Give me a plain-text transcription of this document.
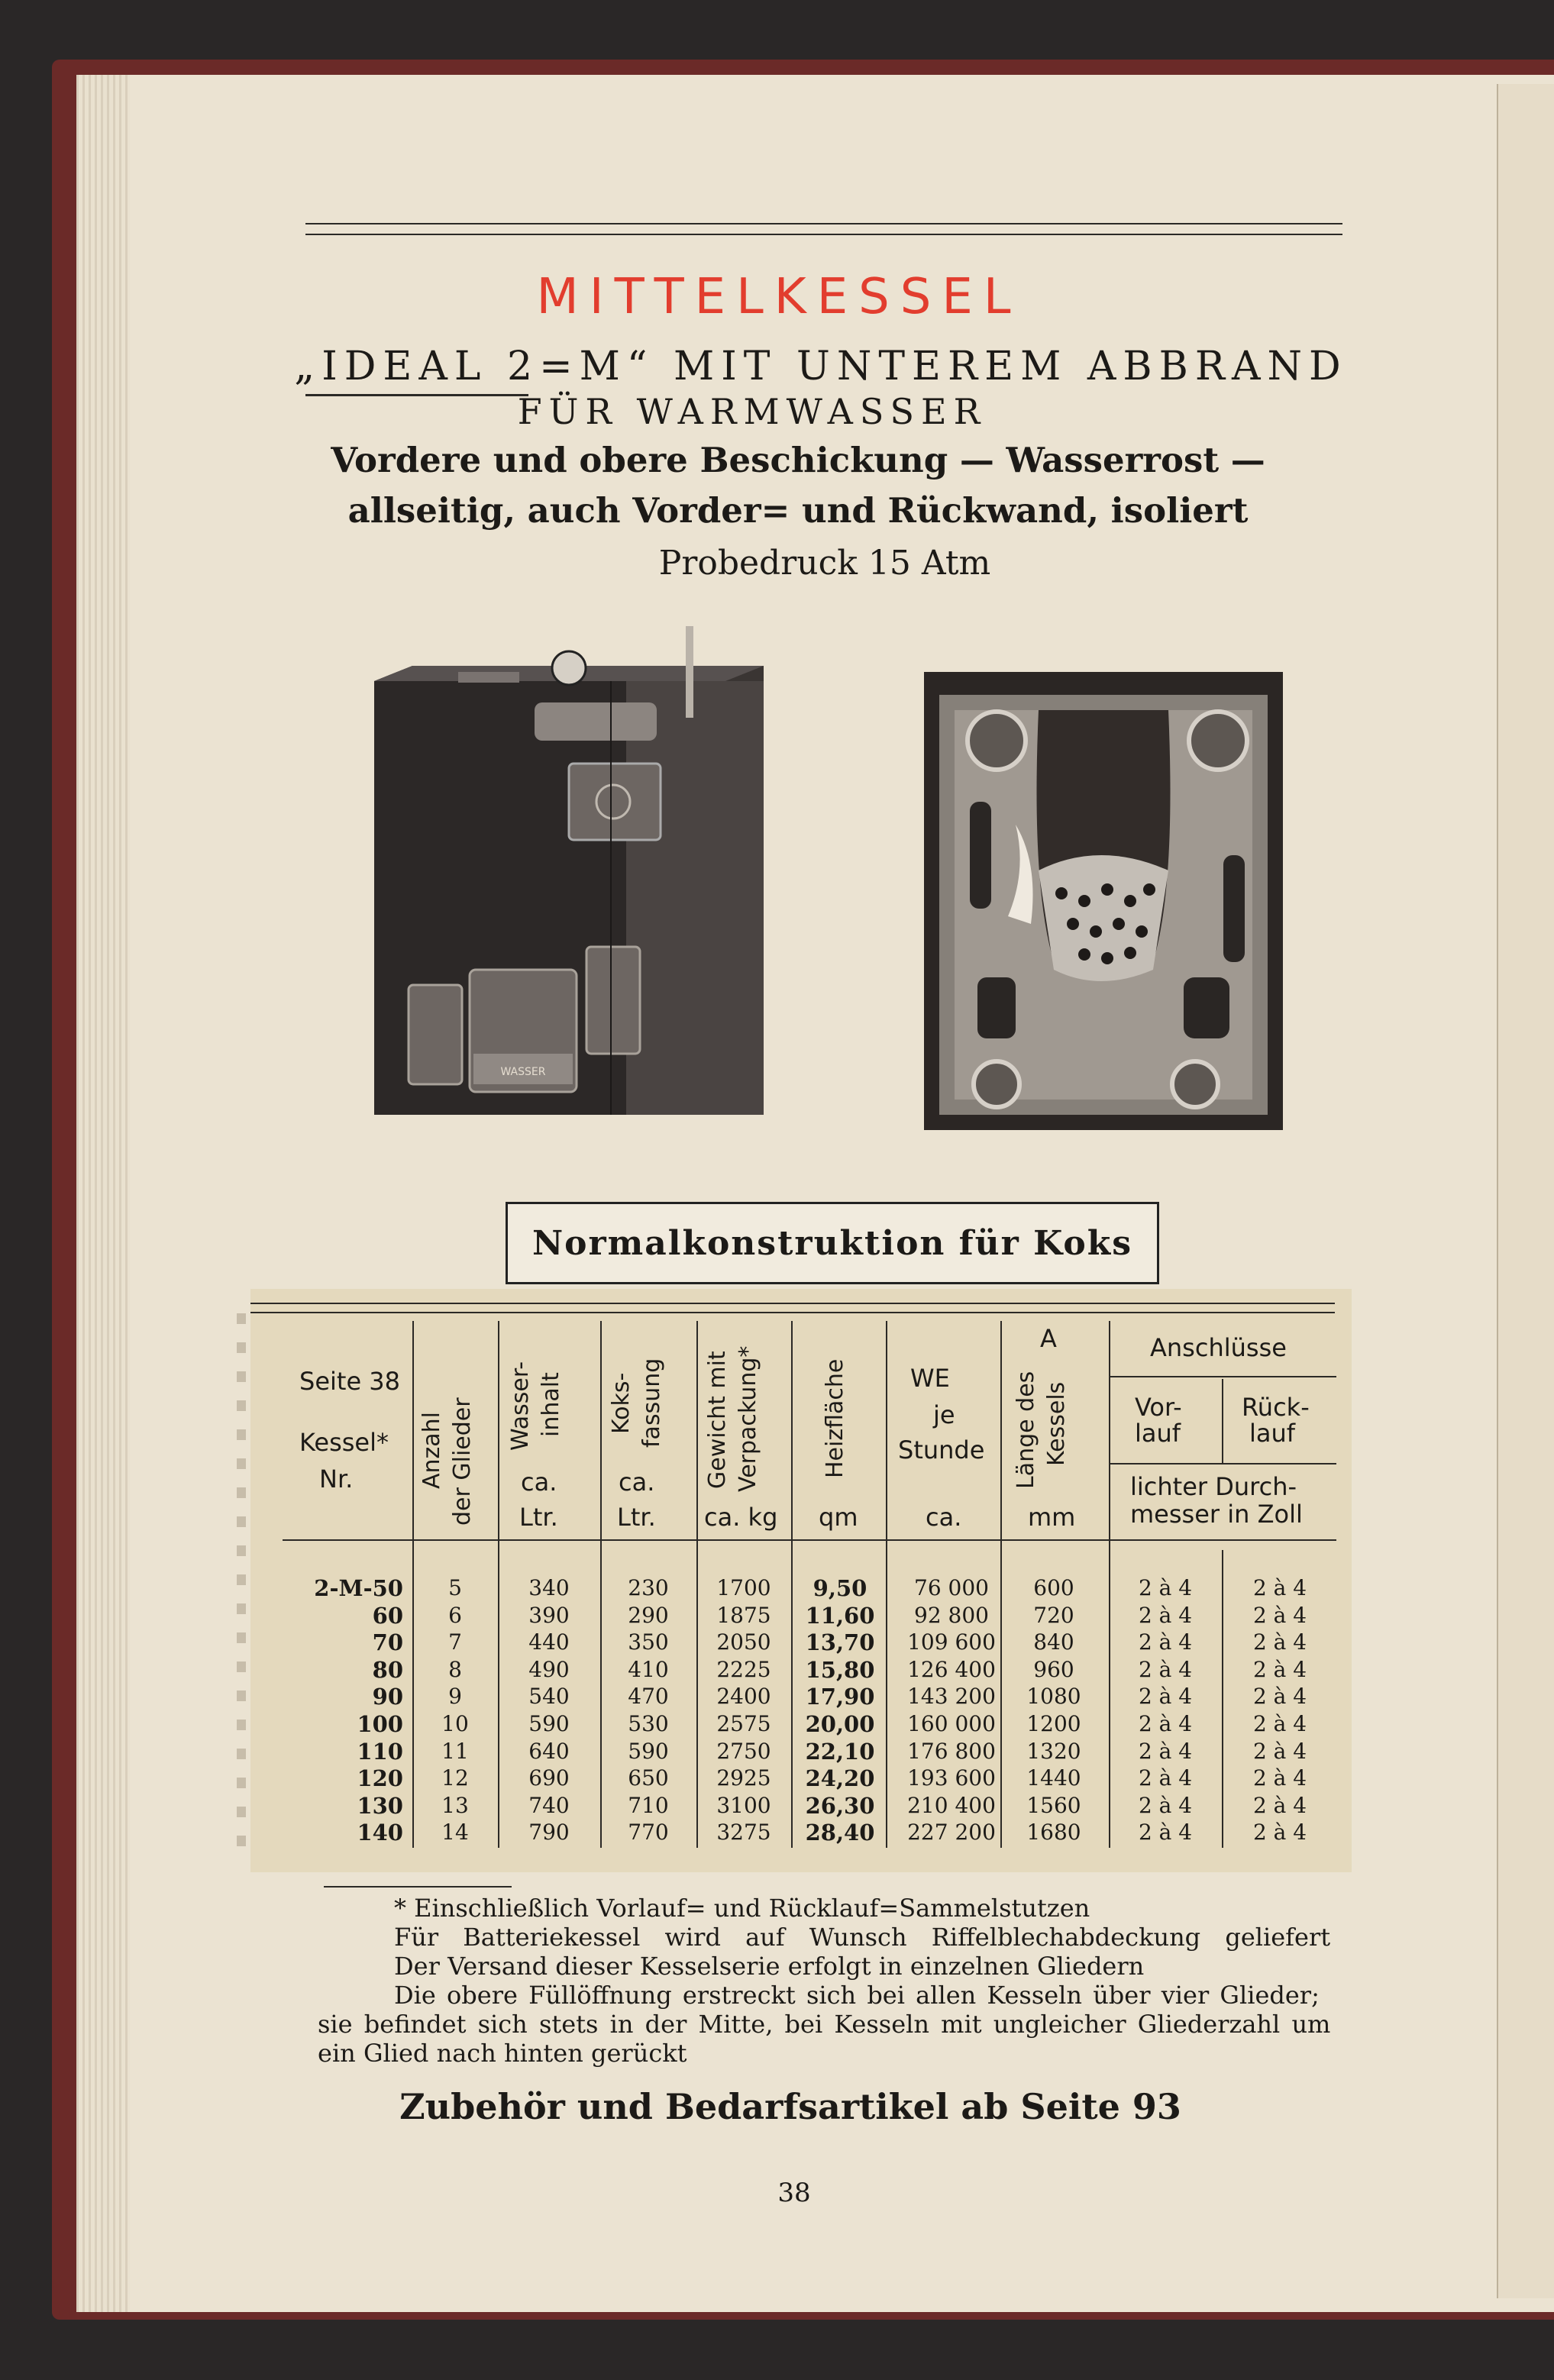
MITTELKESSEL
„IDEAL 2=M“ MIT UNTEREM ABBRAND
FÜR WARMWASSER
Vordere und obere Beschickung — Wasserrost —
allseitig, auch Vorder= und Rückwand, isoliert
Probedruck 15 Atm
WASSER
Normalkonstruktion für Koks
Seite 38
Kessel*
Nr.	Anzahl der Glieder Wasser- inhalt
ca.
Ltr.
Koks- fassung
ca.
Ltr.
Gewicht mit Verpackung*
ca. kg
Heizfläche
qm
WE
je
Stunde
ca.
A
Länge des Kessels
mm
Anschlüsse
Vor-
lauf
Rück-
lauf
lichter Durch-
messer in Zoll
2-M-50	5	340	230	1700	9,50	76 000	600	2 à 4	2 à 4
60	6	390	290	1875	11,60	92 800	720	2 à 4	2 à 4
70	7	440	350	2050	13,70	109 600	840	2 à 4	2 à 4
80	8	490	410	2225	15,80	126 400	960	2 à 4	2 à 4
90	9	540	470	2400	17,90	143 200	1080	2 à 4	2 à 4
100	10	590	530	2575	20,00	160 000	1200	2 à 4	2 à 4
110	11	640	590	2750	22,10	176 800	1320	2 à 4	2 à 4
120	12	690	650	2925	24,20	193 600	1440	2 à 4	2 à 4
130	13	740	710	3100	26,30	210 400	1560	2 à 4	2 à 4
140	14	790	770	3275	28,40	227 200	1680	2 à 4	2 à 4
* Einschließlich Vorlauf= und Rücklauf=Sammelstutzen
Für Batteriekessel wird auf Wunsch Riffelblechabdeckung geliefert
Der Versand dieser Kesselserie erfolgt in einzelnen Gliedern
Die obere Füllöffnung erstreckt sich bei allen Kesseln über vier Glieder;
sie befindet sich stets in der Mitte, bei Kesseln mit ungleicher Gliederzahl um
ein Glied nach hinten gerückt
Zubehör und Bedarfsartikel ab Seite 93
38
